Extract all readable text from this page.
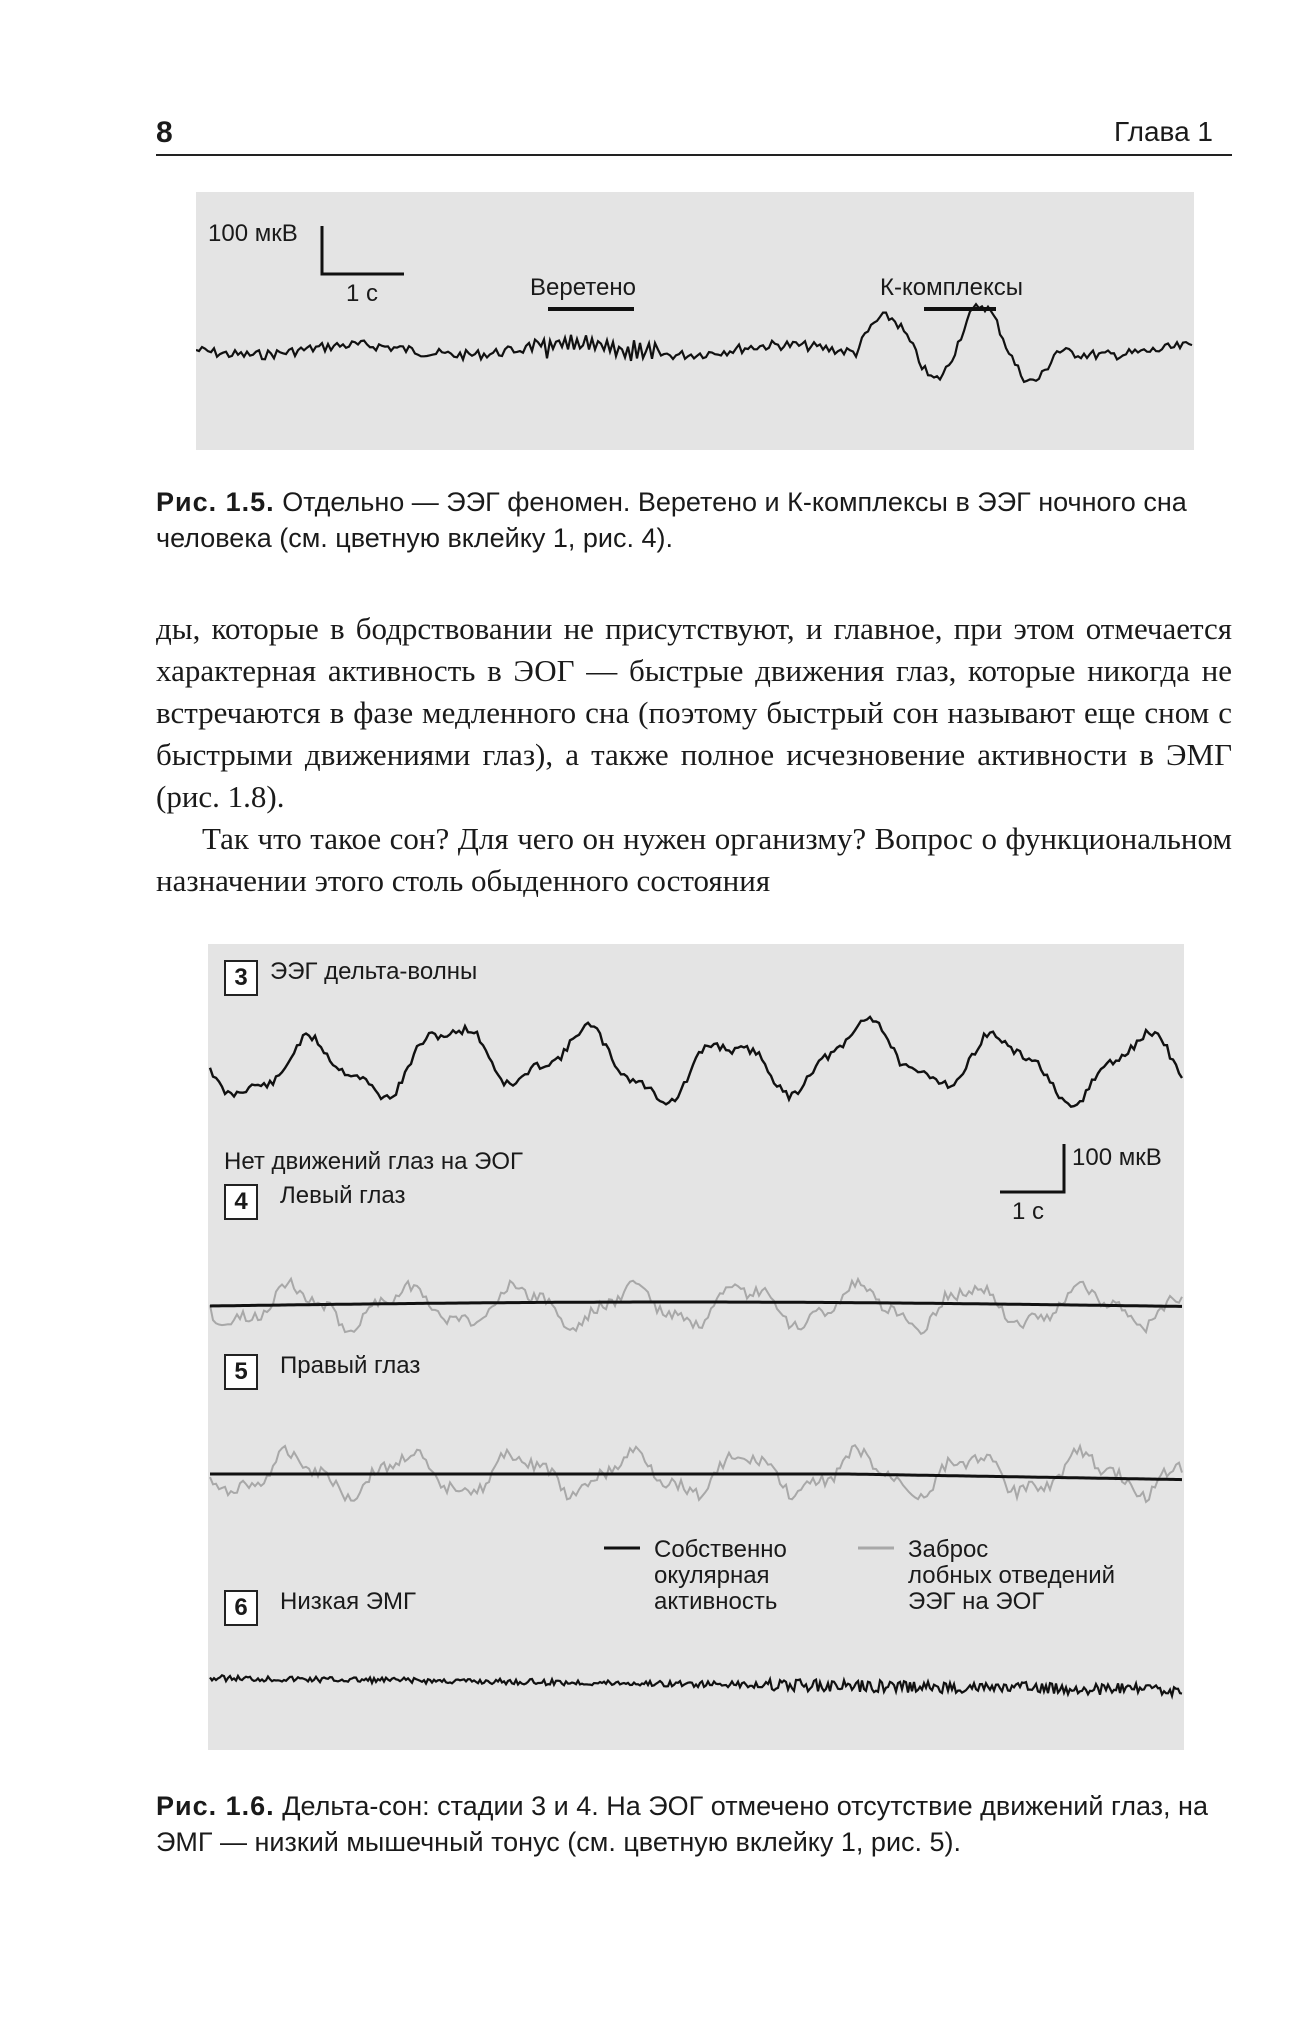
8	Глава 1
100 мкВ
1 с	Веретено	К-комплексы
Рис. 1.5. Отдельно — ЭЭГ феномен. Веретено и К-комплексы в ЭЭГ ночного сна человека (см. цветную вклейку 1, рис. 4).

ды, которые в бодрствовании не присутствуют, и главное, при этом отмечается характерная активность в ЭОГ — быстрые движения глаз, которые никогда не встречаются в фазе медленного сна (поэтому быстрый сон называют еще сном с быстрыми движениями глаз), а также полное исчезновение активности в ЭМГ (рис. 1.8).

Так что такое сон? Для чего он нужен организму? Вопрос о функциональном назначении этого столь обыденного состояния

3 ЭЭГ дельта-волны
Нет движений глаз на ЭОГ	100 мкВ
1 с
4	Левый глаз
5	Правый глаз
Собственно
окулярная
активность
Заброс
лобных отведений
ЭЭГ на ЭОГ
6	Низкая ЭМГ
Рис. 1.6. Дельта-сон: стадии 3 и 4. На ЭОГ отмечено отсутствие движений глаз, на ЭМГ — низкий мышечный тонус (см. цветную вклейку 1, рис. 5).
